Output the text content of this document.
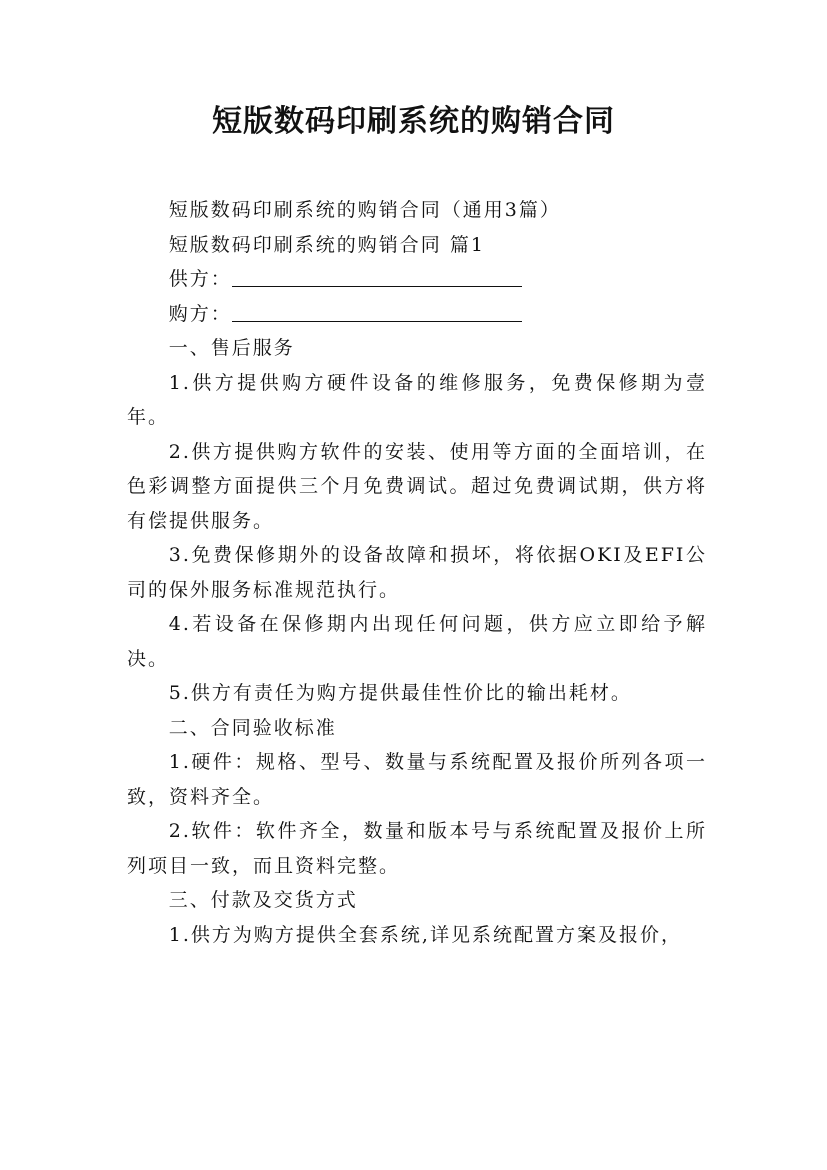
短版数码印刷系统的购销合同

短版数码印刷系统的购销合同（通用3篇）

短版数码印刷系统的购销合同 篇1

供方：

购方：

一、售后服务

1.供方提供购方硬件设备的维修服务，免费保修期为壹年。

2.供方提供购方软件的安装、使用等方面的全面培训，在色彩调整方面提供三个月免费调试。超过免费调试期，供方将有偿提供服务。

3.免费保修期外的设备故障和损坏，将依据OKI及EFI公司的保外服务标准规范执行。

4.若设备在保修期内出现任何问题，供方应立即给予解决。

5.供方有责任为购方提供最佳性价比的输出耗材。

二、合同验收标准

1.硬件：规格、型号、数量与系统配置及报价所列各项一致，资料齐全。

2.软件：软件齐全，数量和版本号与系统配置及报价上所列项目一致，而且资料完整。

三、付款及交货方式

1.供方为购方提供全套系统,详见系统配置方案及报价，
